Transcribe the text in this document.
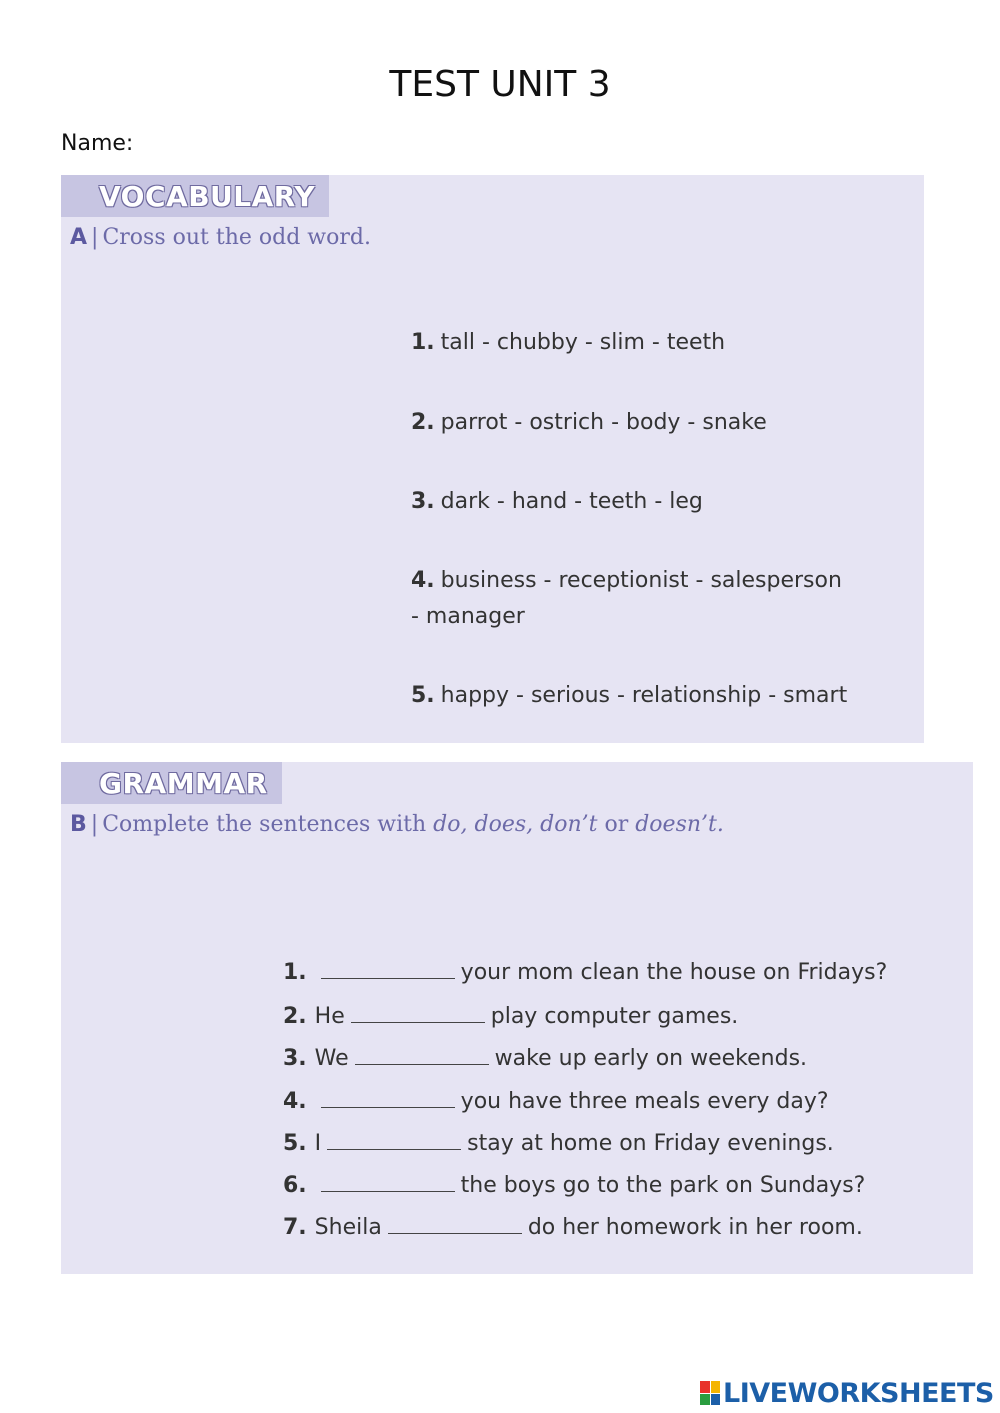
TEST UNIT 3
Name:
VOCABULARY
A | Cross out the odd word.
1. tall - chubby - slim - teeth
2. parrot - ostrich - body - snake
3. dark - hand - teeth - leg
4. business - receptionist - salesperson - manager
5. happy - serious - relationship - smart
GRAMMAR
B | Complete the sentences with do, does, don’t or doesn’t.
1.	your mom clean the house on Fridays?
2. He	play computer games.
3. We	wake up early on weekends.
4.	you have three meals every day?
5. I	stay at home on Friday evenings.
6.	the boys go to the park on Sundays?
7. Sheila	do her homework in her room.
LIVEWORKSHEETS
